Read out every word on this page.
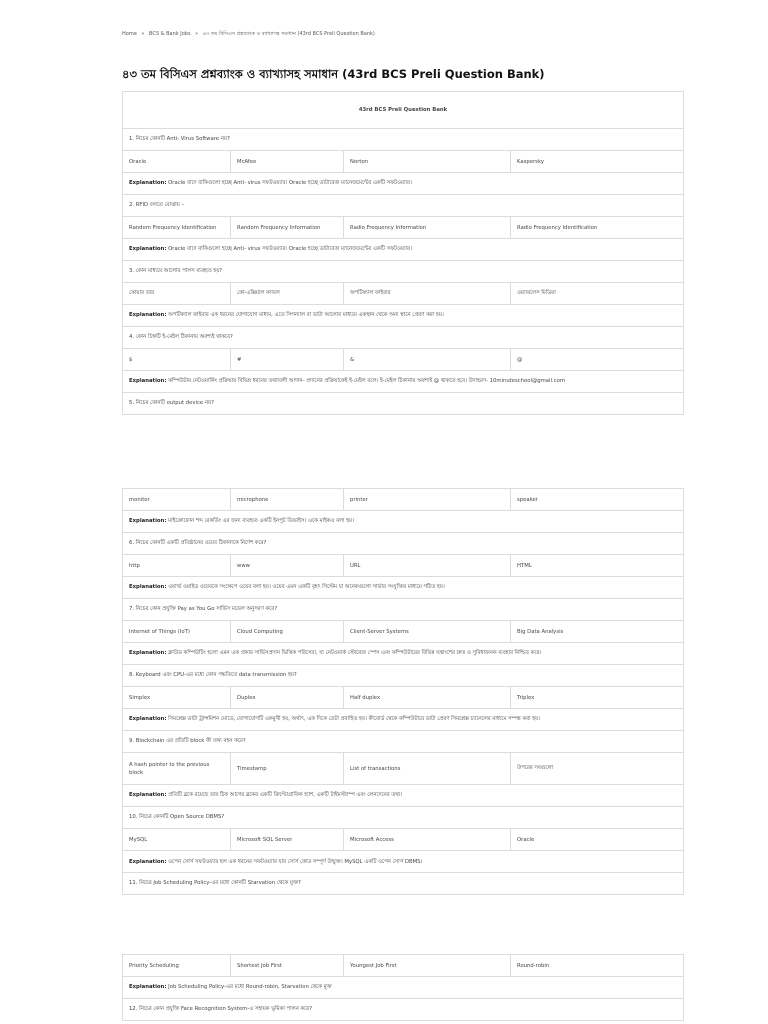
Home » BCS & Bank Jobs » ৪৩ তম বিসিএস প্রশ্নব্যাংক ও ব্যাখ্যাসহ সমাধান (43rd BCS Preli Question Bank)
৪৩ তম বিসিএস প্রশ্নব্যাংক ও ব্যাখ্যাসহ সমাধান (43rd BCS Preli Question Bank)
43rd BCS Preli Question Bank			
1. নিচের কোনটি Anti- Virus Software নয়?			
Oracle	McAfee	Norton	Kaspersky
Explanation: Oracle বাদে বাকিগুলো হচ্ছে Anti- virus সফটওয়্যার। Oracle হচ্ছে ডাটাবেজ ম্যানেজমেন্টের একটি সফটওয়্যার।			
2. RFID বলতে বোঝায় –			
Random Frequency Identification	Random Frequency Information	Radio Frequency Information	Radio Frequency Identification
Explanation: Oracle বাদে বাকিগুলো হচ্ছে Anti- virus সফটওয়্যার। Oracle হচ্ছে ডাটাবেজ ম্যানেজমেন্টের একটি সফটওয়্যার।			
3. কোন মাধ্যমে আলোর পালস ব্যবহৃত হয়?			
কোয়ার তার	কো-এক্সিয়াল ক্যাবল	অপটিক্যাল ফাইবার	ওয়্যারলেস মিডিয়া
Explanation: অপটিক্যাল ফাইবার এক ধরনের যোগাযোগ মাধ্যম, এতে সিগন্যাল বা ডাটা আলোর মাধ্যমে একস্থান থেকে অন্য স্থানে প্রেরণ করা হয়।			
4. কোন চিহ্নটি ই-মেইল ঠিকানায় অবশ্যই থাকবে?			
$	#	&	@
Explanation: কম্পিউটার নেটওয়ার্কিং প্রক্রিয়ায় বিভিন্ন ধরনের তথ্যাবলী আদান- প্রদানের প্রক্রিয়াকেই ই-মেইল বলে। ই-মেইল ঠিকানায় অবশ্যই @ থাকতে হবে। উদাহরণ- 10minuteschool@gmail.com			
5. নিচের কোনটি output device নয়?			
monitor	microphone	printer	speaker
Explanation: মাইক্রোফোন শব্দ রেকর্ডিং এর জন্য ব্যবহৃত একটি ইনপুট ডিভাইস। একে মাইকও বলা হয়।			
6. নিচের কোনটি একটি প্রতিষ্ঠানের ওয়েব ঠিকানাকে নির্দেশ করে?			
http	www	URL	HTML
Explanation: ওয়ার্ল্ড ওয়াইড ওয়েবকে সংক্ষেপে ওয়েব বলা হয়। ওয়েব এমন একটি বৃহৎ সিস্টেম যা অনেকগুলো সার্ভার সংযুক্তির মাধ্যমে গঠিত হয়।			
7. নিচের কোন প্রযুক্তি Pay as You Go সার্ভিস মডেল অনুসরণ করে?			
Internet of Things (IoT)	Cloud Computing	Client-Server Systems	Big Data Analysis
Explanation: ক্লাউড কম্পিউটিং হলো এমন এক প্রকার সার্ভিসপ্রদান ভিত্তিক পরিসেবা, যা নেটওয়ার্ক স্টোরেজ স্পেস এবং কম্পিউটারের বিভিন্ন যন্ত্রাংশের দ্রুত ও সুবিধাজনক ব্যবহার নিশ্চিত করে।			
8. Keyboard এবং CPU-এর মধ্যে কোন পদ্ধতিতে data transmission হয়?			
Simplex	Duplex	Half duplex	Triplex
Explanation: সিমপ্লেক্স ডাটা ট্রান্সমিশন মোডে, যোগাযোগটি একমুখী হয়, অর্থাৎ, এক দিকে ডেটা প্রবাহিত হয়। কীবোর্ড থেকে কম্পিউটারে ডাটা প্রেরণ সিমপ্লেক্স চ্যানেলের মাধ্যমে সম্পন্ন করা হয়।			
9. Blockchain এর প্রতিটি block কী তথ্য বহন করে?			
A hash pointer to the previous block	Timestamp	List of transactions	উপরের সবগুলো
Explanation: প্রতিটি ব্লকে রয়েছে তার ঠিক আগের ব্লকের একটি ক্রিপ্টোগ্রাফিক হ্যাশ, একটি টাইমস্ট্যাম্প এবং লেনদেনের তথ্য।			
10. নিচের কোনটি Open Source DBMS?			
MySQL	Microsoft SQL Server	Microsoft Access	Oracle
Explanation: ওপেন সোর্স সফটওয়্যার হল এক ধরনের সফটওয়্যার যার সোর্স কোড সম্পূর্ণ উন্মুক্ত। MySQL একটি ওপেন সোর্স DBMS।			
11. নিচের Job Scheduling Policy-এর মধ্যে কোনটি Starvation থেকে মুক্ত?			
Priority Scheduling	Shortest Job First	Youngest Job First	Round-robin
Explanation: Job Scheduling Policy-এর মধ্যে Round-robin, Starvation থেকে মুক্ত
12. নিচের কোন প্রযুক্তি Face Recognition System-এ সহায়ক ভূমিকা পালন করে?
